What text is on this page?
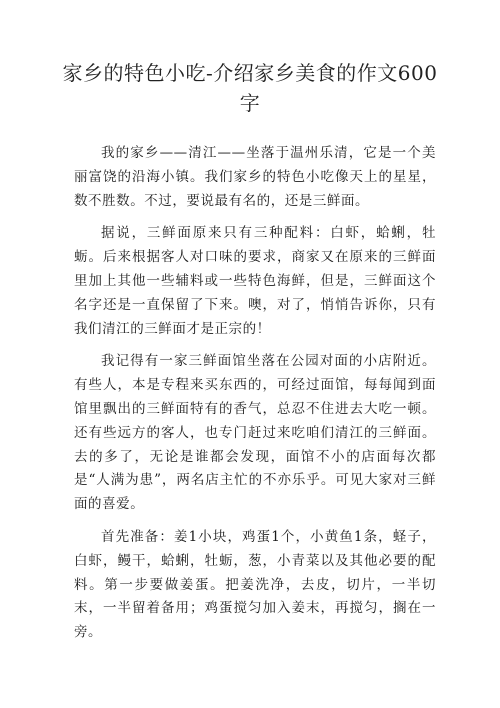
家乡的特色小吃-介绍家乡美食的作文600字

我的家乡——清江——坐落于温州乐清，它是一个美丽富饶的沿海小镇。我们家乡的特色小吃像天上的星星，数不胜数。不过，要说最有名的，还是三鲜面。

据说，三鲜面原来只有三种配料：白虾，蛤蜊，牡蛎。后来根据客人对口味的要求，商家又在原来的三鲜面里加上其他一些辅料或一些特色海鲜，但是，三鲜面这个名字还是一直保留了下来。噢，对了，悄悄告诉你，只有我们清江的三鲜面才是正宗的！

我记得有一家三鲜面馆坐落在公园对面的小店附近。有些人，本是专程来买东西的，可经过面馆，每每闻到面馆里飘出的三鲜面特有的香气，总忍不住进去大吃一顿。还有些远方的客人，也专门赶过来吃咱们清江的三鲜面。去的多了，无论是谁都会发现，面馆不小的店面每次都是“人满为患”，两名店主忙的不亦乐乎。可见大家对三鲜面的喜爱。

首先准备：姜1小块，鸡蛋1个，小黄鱼1条，蛏子，白虾，鳗干，蛤蜊，牡蛎，葱，小青菜以及其他必要的配料。第一步要做姜蛋。把姜洗净，去皮，切片，一半切末，一半留着备用；鸡蛋搅匀加入姜末，再搅匀，搁在一旁。
